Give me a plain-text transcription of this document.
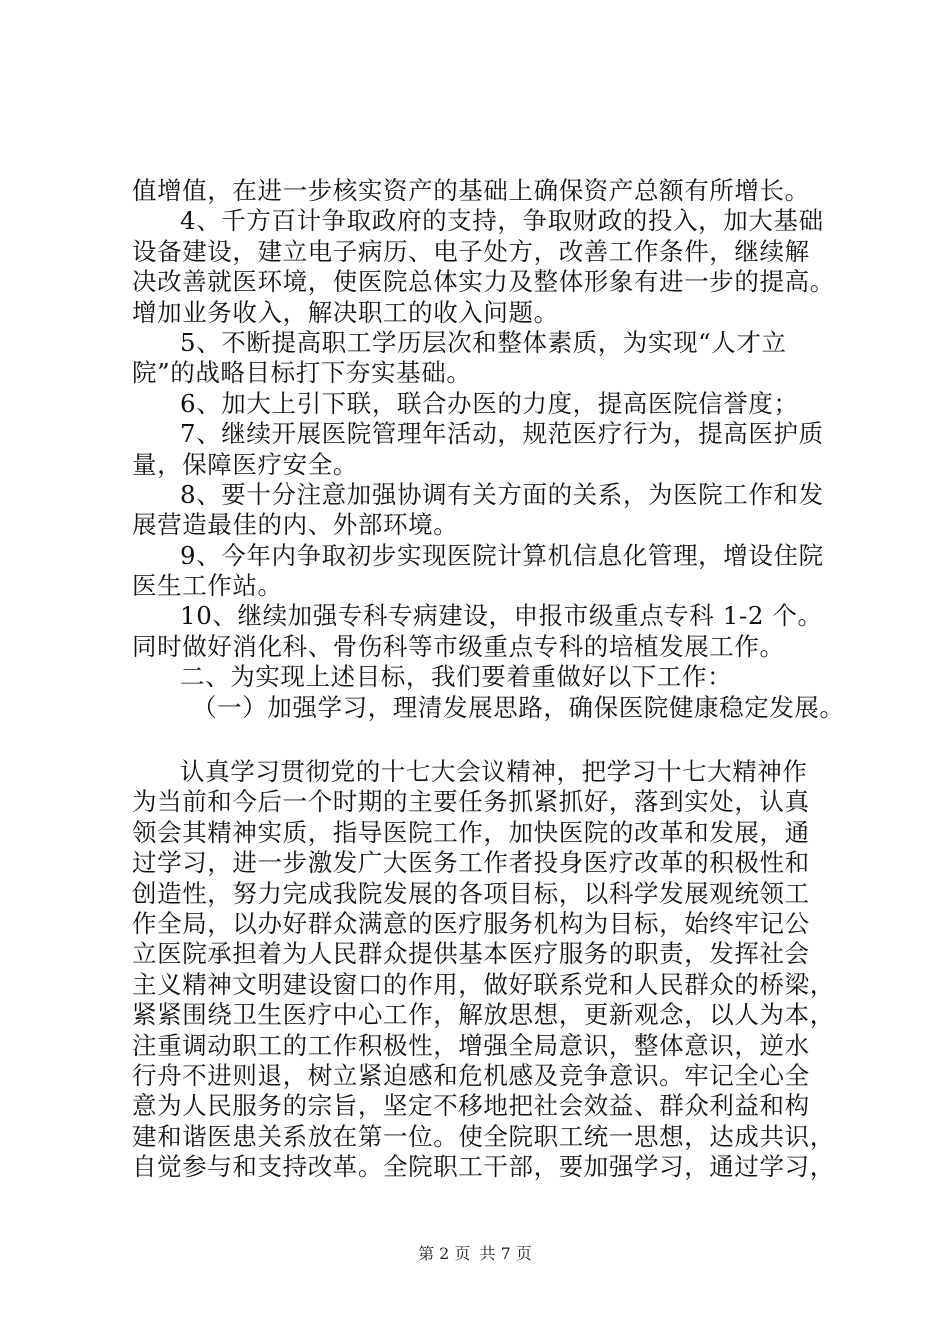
值增值，在进一步核实资产的基础上确保资产总额有所增长。
4、千方百计争取政府的支持，争取财政的投入，加大基础
设备建设，建立电子病历、电子处方，改善工作条件，继续解
决改善就医环境，使医院总体实力及整体形象有进一步的提高。
增加业务收入，解决职工的收入问题。
5、不断提高职工学历层次和整体素质，为实现“人才立
院”的战略目标打下夯实基础。
6、加大上引下联，联合办医的力度，提高医院信誉度；
7、继续开展医院管理年活动，规范医疗行为，提高医护质
量，保障医疗安全。
8、要十分注意加强协调有关方面的关系，为医院工作和发
展营造最佳的内、外部环境。
9、今年内争取初步实现医院计算机信息化管理，增设住院
医生工作站。
10、继续加强专科专病建设，申报市级重点专科 1-2 个。
同时做好消化科、骨伤科等市级重点专科的培植发展工作。
二、为实现上述目标，我们要着重做好以下工作：
（一）加强学习，理清发展思路，确保医院健康稳定发展。
认真学习贯彻党的十七大会议精神，把学习十七大精神作
为当前和今后一个时期的主要任务抓紧抓好，落到实处，认真
领会其精神实质，指导医院工作，加快医院的改革和发展，通
过学习，进一步激发广大医务工作者投身医疗改革的积极性和
创造性，努力完成我院发展的各项目标，以科学发展观统领工
作全局，以办好群众满意的医疗服务机构为目标，始终牢记公
立医院承担着为人民群众提供基本医疗服务的职责，发挥社会
主义精神文明建设窗口的作用，做好联系党和人民群众的桥梁，
紧紧围绕卫生医疗中心工作，解放思想，更新观念，以人为本，
注重调动职工的工作积极性，增强全局意识，整体意识，逆水
行舟不进则退，树立紧迫感和危机感及竞争意识。牢记全心全
意为人民服务的宗旨，坚定不移地把社会效益、群众利益和构
建和谐医患关系放在第一位。使全院职工统一思想，达成共识，
自觉参与和支持改革。全院职工干部，要加强学习，通过学习，
第 2 页 共 7 页
